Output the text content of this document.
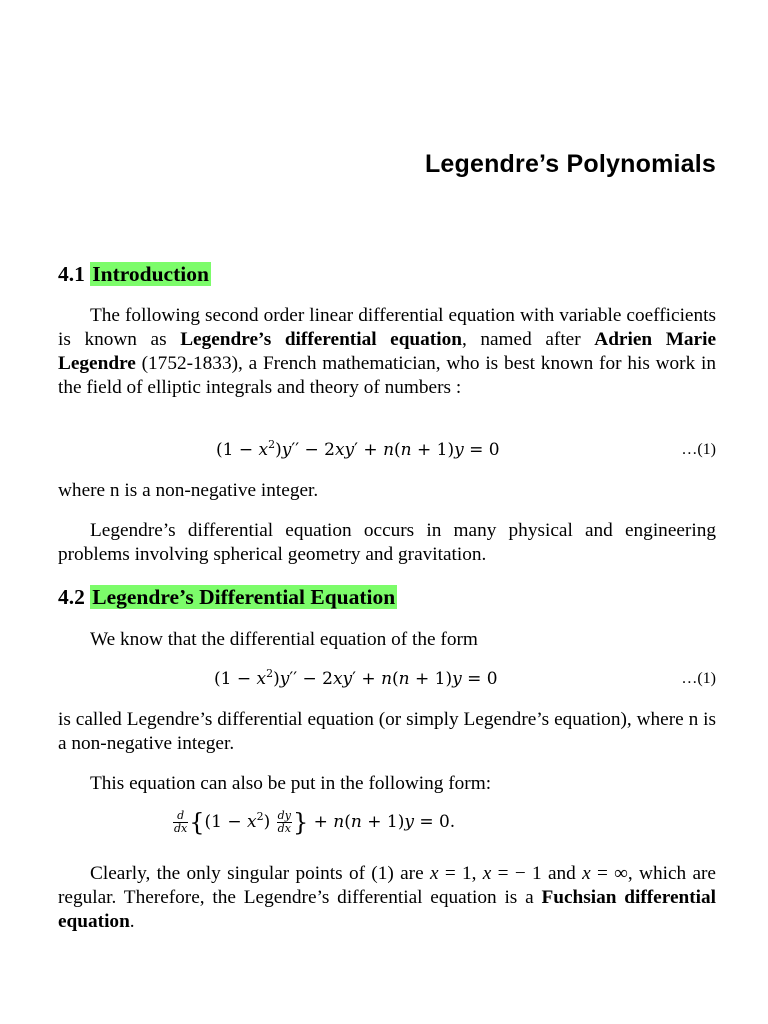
Legendre’s Polynomials
4.1 Introduction

The following second order linear differential equation with variable coefficients is known as Legendre’s differential equation, named after Adrien Marie Legendre (1752-1833), a French mathematician, who is best known for his work in the field of elliptic integrals and theory of numbers :

$(1 - x^2)y'' - 2xy' + n(n + 1)y = 0$	…(1)

where n is a non-negative integer.

Legendre’s differential equation occurs in many physical and engineering problems involving spherical geometry and gravitation.

4.2 Legendre’s Differential Equation

We know that the differential equation of the form

$(1 - x^2)y'' - 2xy' + n(n + 1)y = 0$	…(1)

is called Legendre’s differential equation (or simply Legendre’s equation), where n is a non-negative integer.

This equation can also be put in the following form:

$\frac{d}{dx} \{(1 - x^2) \frac{dy}{dx}$ } + n(n + 1)y = 0.

Clearly, the only singular points of (1) are x = 1, x = − 1 and x = ∞, which are regular. Therefore, the Legendre’s differential equation is a Fuchsian differential equation.
